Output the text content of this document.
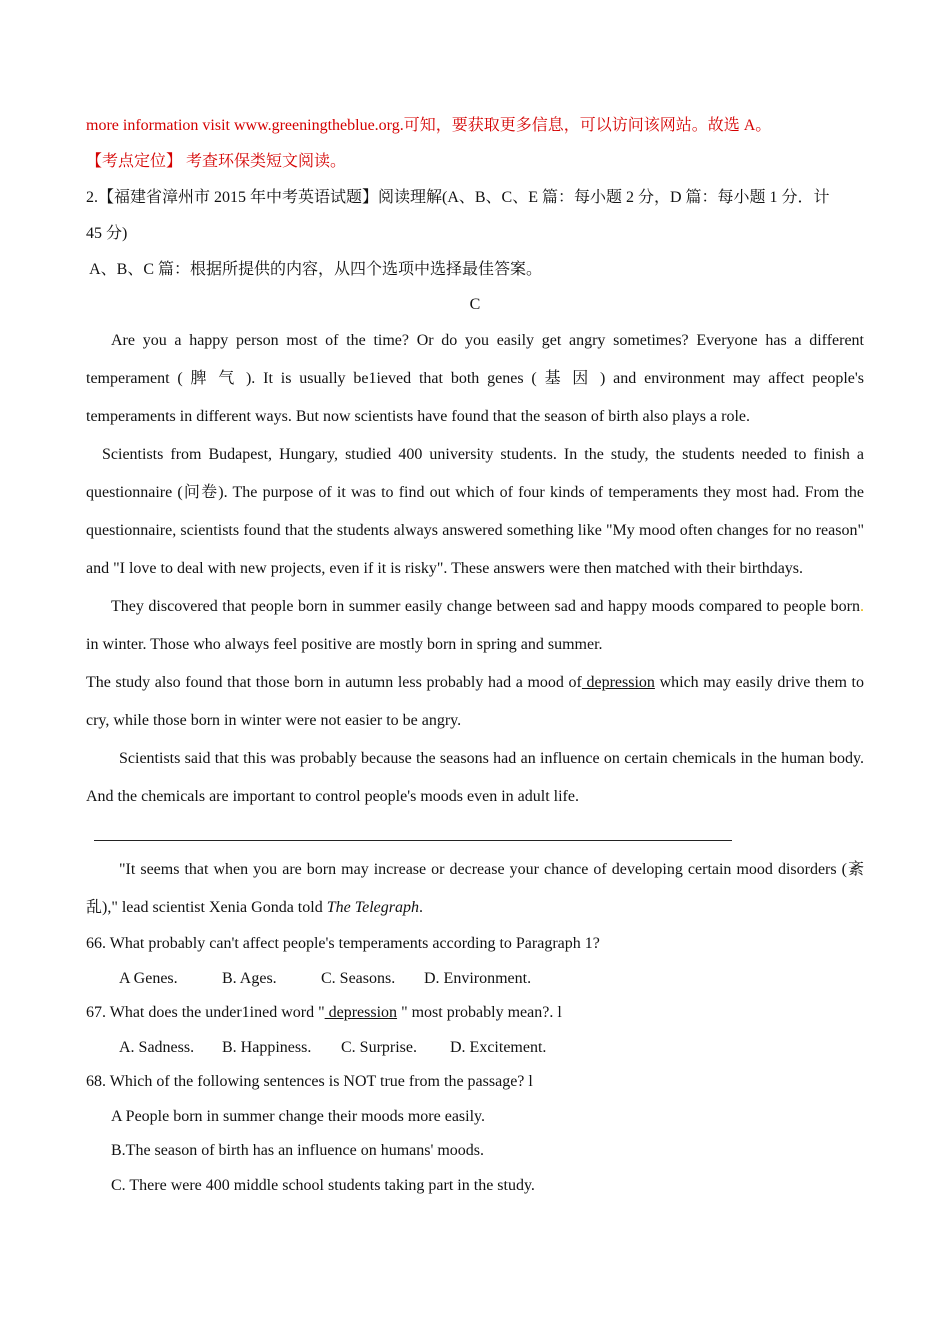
more information visit www.greeningtheblue.org.可知，要获取更多信息，可以访问该网站。故选 A。

【考点定位】 考查环保类短文阅读。

2.【福建省漳州市 2015 年中考英语试题】阅读理解(A、B、C、E 篇：每小题 2 分，D 篇：每小题 1 分．计

45 分)

A、B、C 篇：根据所提供的内容，从四个选项中选择最佳答案。

C

Are you a happy person most of the time? Or do you easily get angry sometimes? Everyone has a different temperament ( 脾 气 ). It is usually be1ieved that both genes ( 基 因 ) and environment may affect people's temperaments in different ways. But now scientists have found that the season of birth also plays a role.

Scientists from Budapest, Hungary, studied 400 university students. In the study, the students needed to finish a questionnaire (问卷). The purpose of it was to find out which of four kinds of temperaments they most had. From the questionnaire, scientists found that the students always answered something like "My mood often changes for no reason" and "I love to deal with new projects, even if it is risky". These answers were then matched with their birthdays.

They discovered that people born in summer easily change between sad and happy moods compared to people born. in winter. Those who always feel positive are mostly born in spring and summer.

The study also found that those born in autumn less probably had a mood of depression which may easily drive them to cry, while those born in winter were not easier to be angry.

Scientists said that this was probably because the seasons had an influence on certain chemicals in the human body. And the chemicals are important to control people's moods even in adult life.

"It seems that when you are born may increase or decrease your chance of developing certain mood disorders (紊乱)," lead scientist Xenia Gonda told The Telegraph.

66. What probably can't affect people's temperaments according to Paragraph 1?

A Genes.	B. Ages.	C. Seasons. D. Environment.

67. What does the under1ined word " depression " most probably mean?. l

A. Sadness. B. Happiness. C. Surprise. D. Excitement.

68. Which of the following sentences is NOT true from the passage? l

A People born in summer change their moods more easily.

B.The season of birth has an influence on humans' moods.

C. There were 400 middle school students taking part in the study.
